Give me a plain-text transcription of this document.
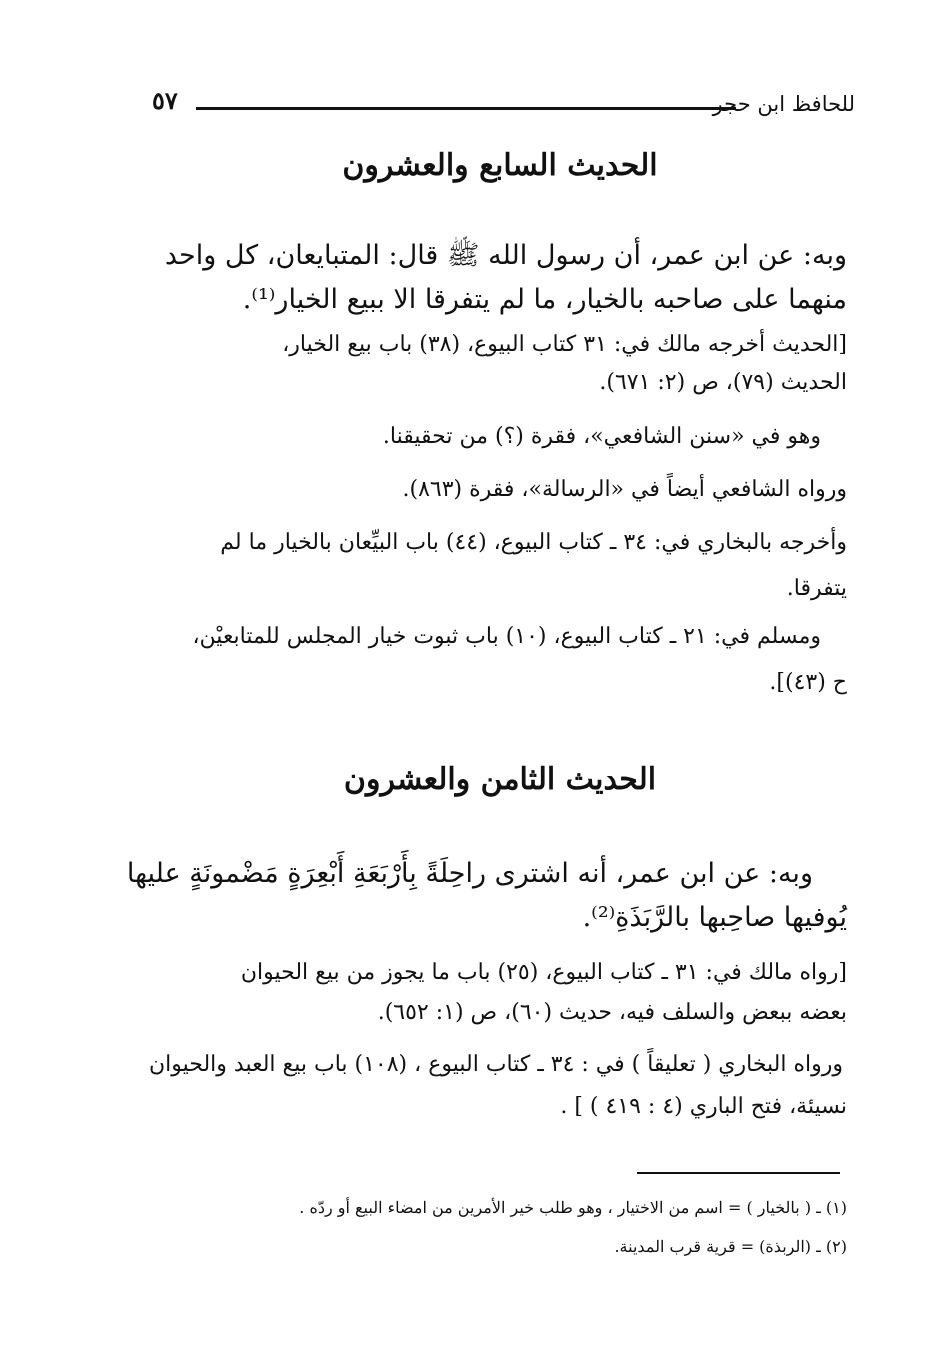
للحافظ ابن حجر
٥٧
الحديث السابع والعشرون
وبه: عن ابن عمر، أن رسول الله ﷺ قال: المتبايعان، كل واحد
منهما على صاحبه بالخيار، ما لم يتفرقا الا ببيع الخيار⁽¹⁾.
[الحديث أخرجه مالك في: ٣١ كتاب البيوع، (٣٨) باب بيع الخيار،
الحديث (٧٩)، ص (٢: ٦٧١).
وهو في «سنن الشافعي»، فقرة (؟) من تحقيقنا.
ورواه الشافعي أيضاً في «الرسالة»، فقرة (٨٦٣).
وأخرجه بالبخاري في: ٣٤ ـ كتاب البيوع، (٤٤) باب البيِّعان بالخيار ما لم
يتفرقا.
ومسلم في: ٢١ ـ كتاب البيوع، (١٠) باب ثبوت خيار المجلس للمتابعيْن،
ح (٤٣)].
الحديث الثامن والعشرون
وبه: عن ابن عمر، أنه اشترى راحِلَةً بِأَرْبَعَةِ أَبْعِرَةٍ مَضْمونَةٍ عليها
يُوفيها صاحِبها بالرَّبَذَةِ⁽²⁾.
[رواه مالك في: ٣١ ـ كتاب البيوع، (٢٥) باب ما يجوز من بيع الحيوان
بعضه ببعض والسلف فيه، حديث (٦٠)، ص (١: ٦٥٢).
ورواه البخاري ( تعليقاً ) في : ٣٤ ـ كتاب البيوع ، (١٠٨) باب بيع العبد والحيوان
نسيئة، فتح الباري (٤ : ٤١٩ ) ] .
(١) ـ ( بالخيار ) = اسم من الاختيار ، وهو طلب خير الأمرين من امضاء البيع أو ردّه .
(٢) ـ (الربذة) = قرية قرب المدينة.
